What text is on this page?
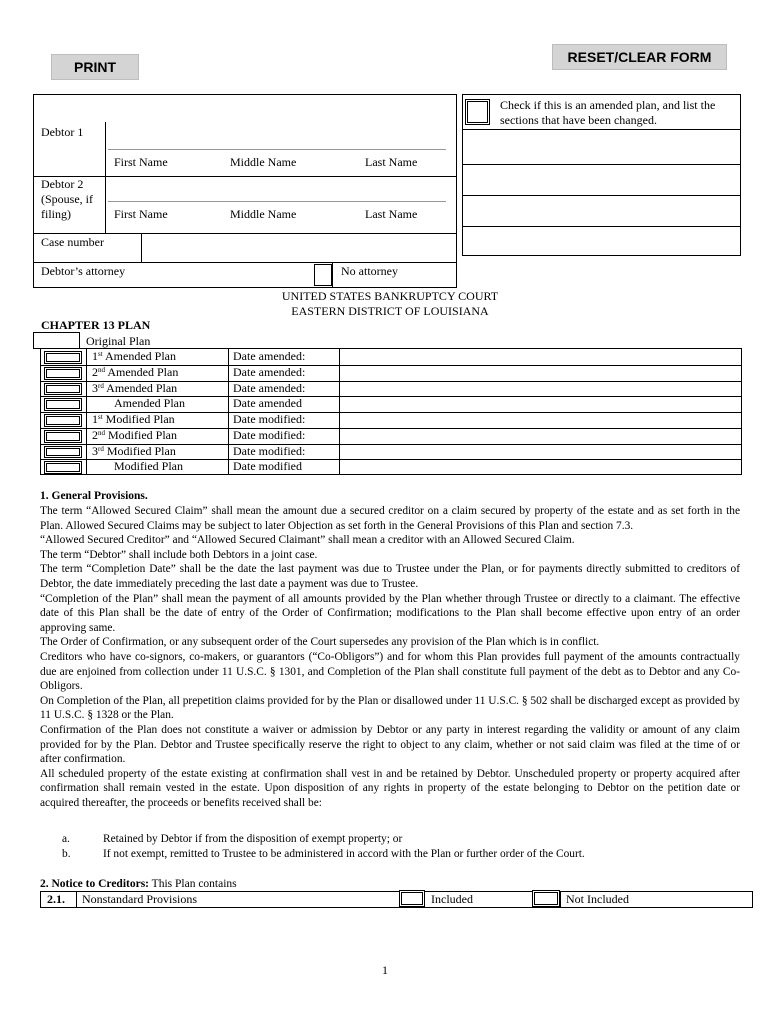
PRINT
RESET/CLEAR FORM
Debtor 1
First Name	Middle Name	Last Name
Debtor 2
(Spouse, if
filing)	First Name	Middle Name	Last Name
Case number
Debtor’s attorney	No attorney
Check if this is an amended plan, and list the
sections that have been changed.
UNITED STATES BANKRUPTCY COURT
EASTERN DISTRICT OF LOUISIANA
CHAPTER 13 PLAN
Original Plan
1st Amended Plan	Date amended:
2nd Amended Plan	Date amended:
3rd Amended Plan	Date amended:
Amended Plan	Date amended
1st Modified Plan	Date modified:
2nd Modified Plan	Date modified:
3rd Modified Plan	Date modified:
Modified Plan	Date modified
1. General Provisions.

The term “Allowed Secured Claim” shall mean the amount due a secured creditor on a claim secured by property of the estate and as set forth in the Plan. Allowed Secured Claims may be subject to later Objection as set forth in the General Provisions of this Plan and section 7.3.

“Allowed Secured Creditor” and “Allowed Secured Claimant” shall mean a creditor with an Allowed Secured Claim.

The term “Debtor” shall include both Debtors in a joint case.

The term “Completion Date” shall be the date the last payment was due to Trustee under the Plan, or for payments directly submitted to creditors of Debtor, the date immediately preceding the last date a payment was due to Trustee.

“Completion of the Plan” shall mean the payment of all amounts provided by the Plan whether through Trustee or directly to a claimant. The effective date of this Plan shall be the date of entry of the Order of Confirmation; modifications to the Plan shall become effective upon entry of an order approving same.

The Order of Confirmation, or any subsequent order of the Court supersedes any provision of the Plan which is in conflict.

Creditors who have co-signors, co-makers, or guarantors (“Co-Obligors”) and for whom this Plan provides full payment of the amounts contractually due are enjoined from collection under 11 U.S.C. § 1301, and Completion of the Plan shall constitute full payment of the debt as to Debtor and any Co-Obligors.

On Completion of the Plan, all prepetition claims provided for by the Plan or disallowed under 11 U.S.C. § 502 shall be discharged except as provided by 11 U.S.C. § 1328 or the Plan.

Confirmation of the Plan does not constitute a waiver or admission by Debtor or any party in interest regarding the validity or amount of any claim provided for by the Plan. Debtor and Trustee specifically reserve the right to object to any claim, whether or not said claim was filed at the time of or after confirmation.

All scheduled property of the estate existing at confirmation shall vest in and be retained by Debtor. Unscheduled property or property acquired after confirmation shall remain vested in the estate. Upon disposition of any rights in property of the estate belonging to Debtor on the petition date or acquired thereafter, the proceeds or benefits received shall be:

a.	Retained by Debtor if from the disposition of exempt property; or
b.	If not exempt, remitted to Trustee to be administered in accord with the Plan or further order of the Court.
2. Notice to Creditors: This Plan contains
2.1. Nonstandard Provisions	Included	Not Included
1
